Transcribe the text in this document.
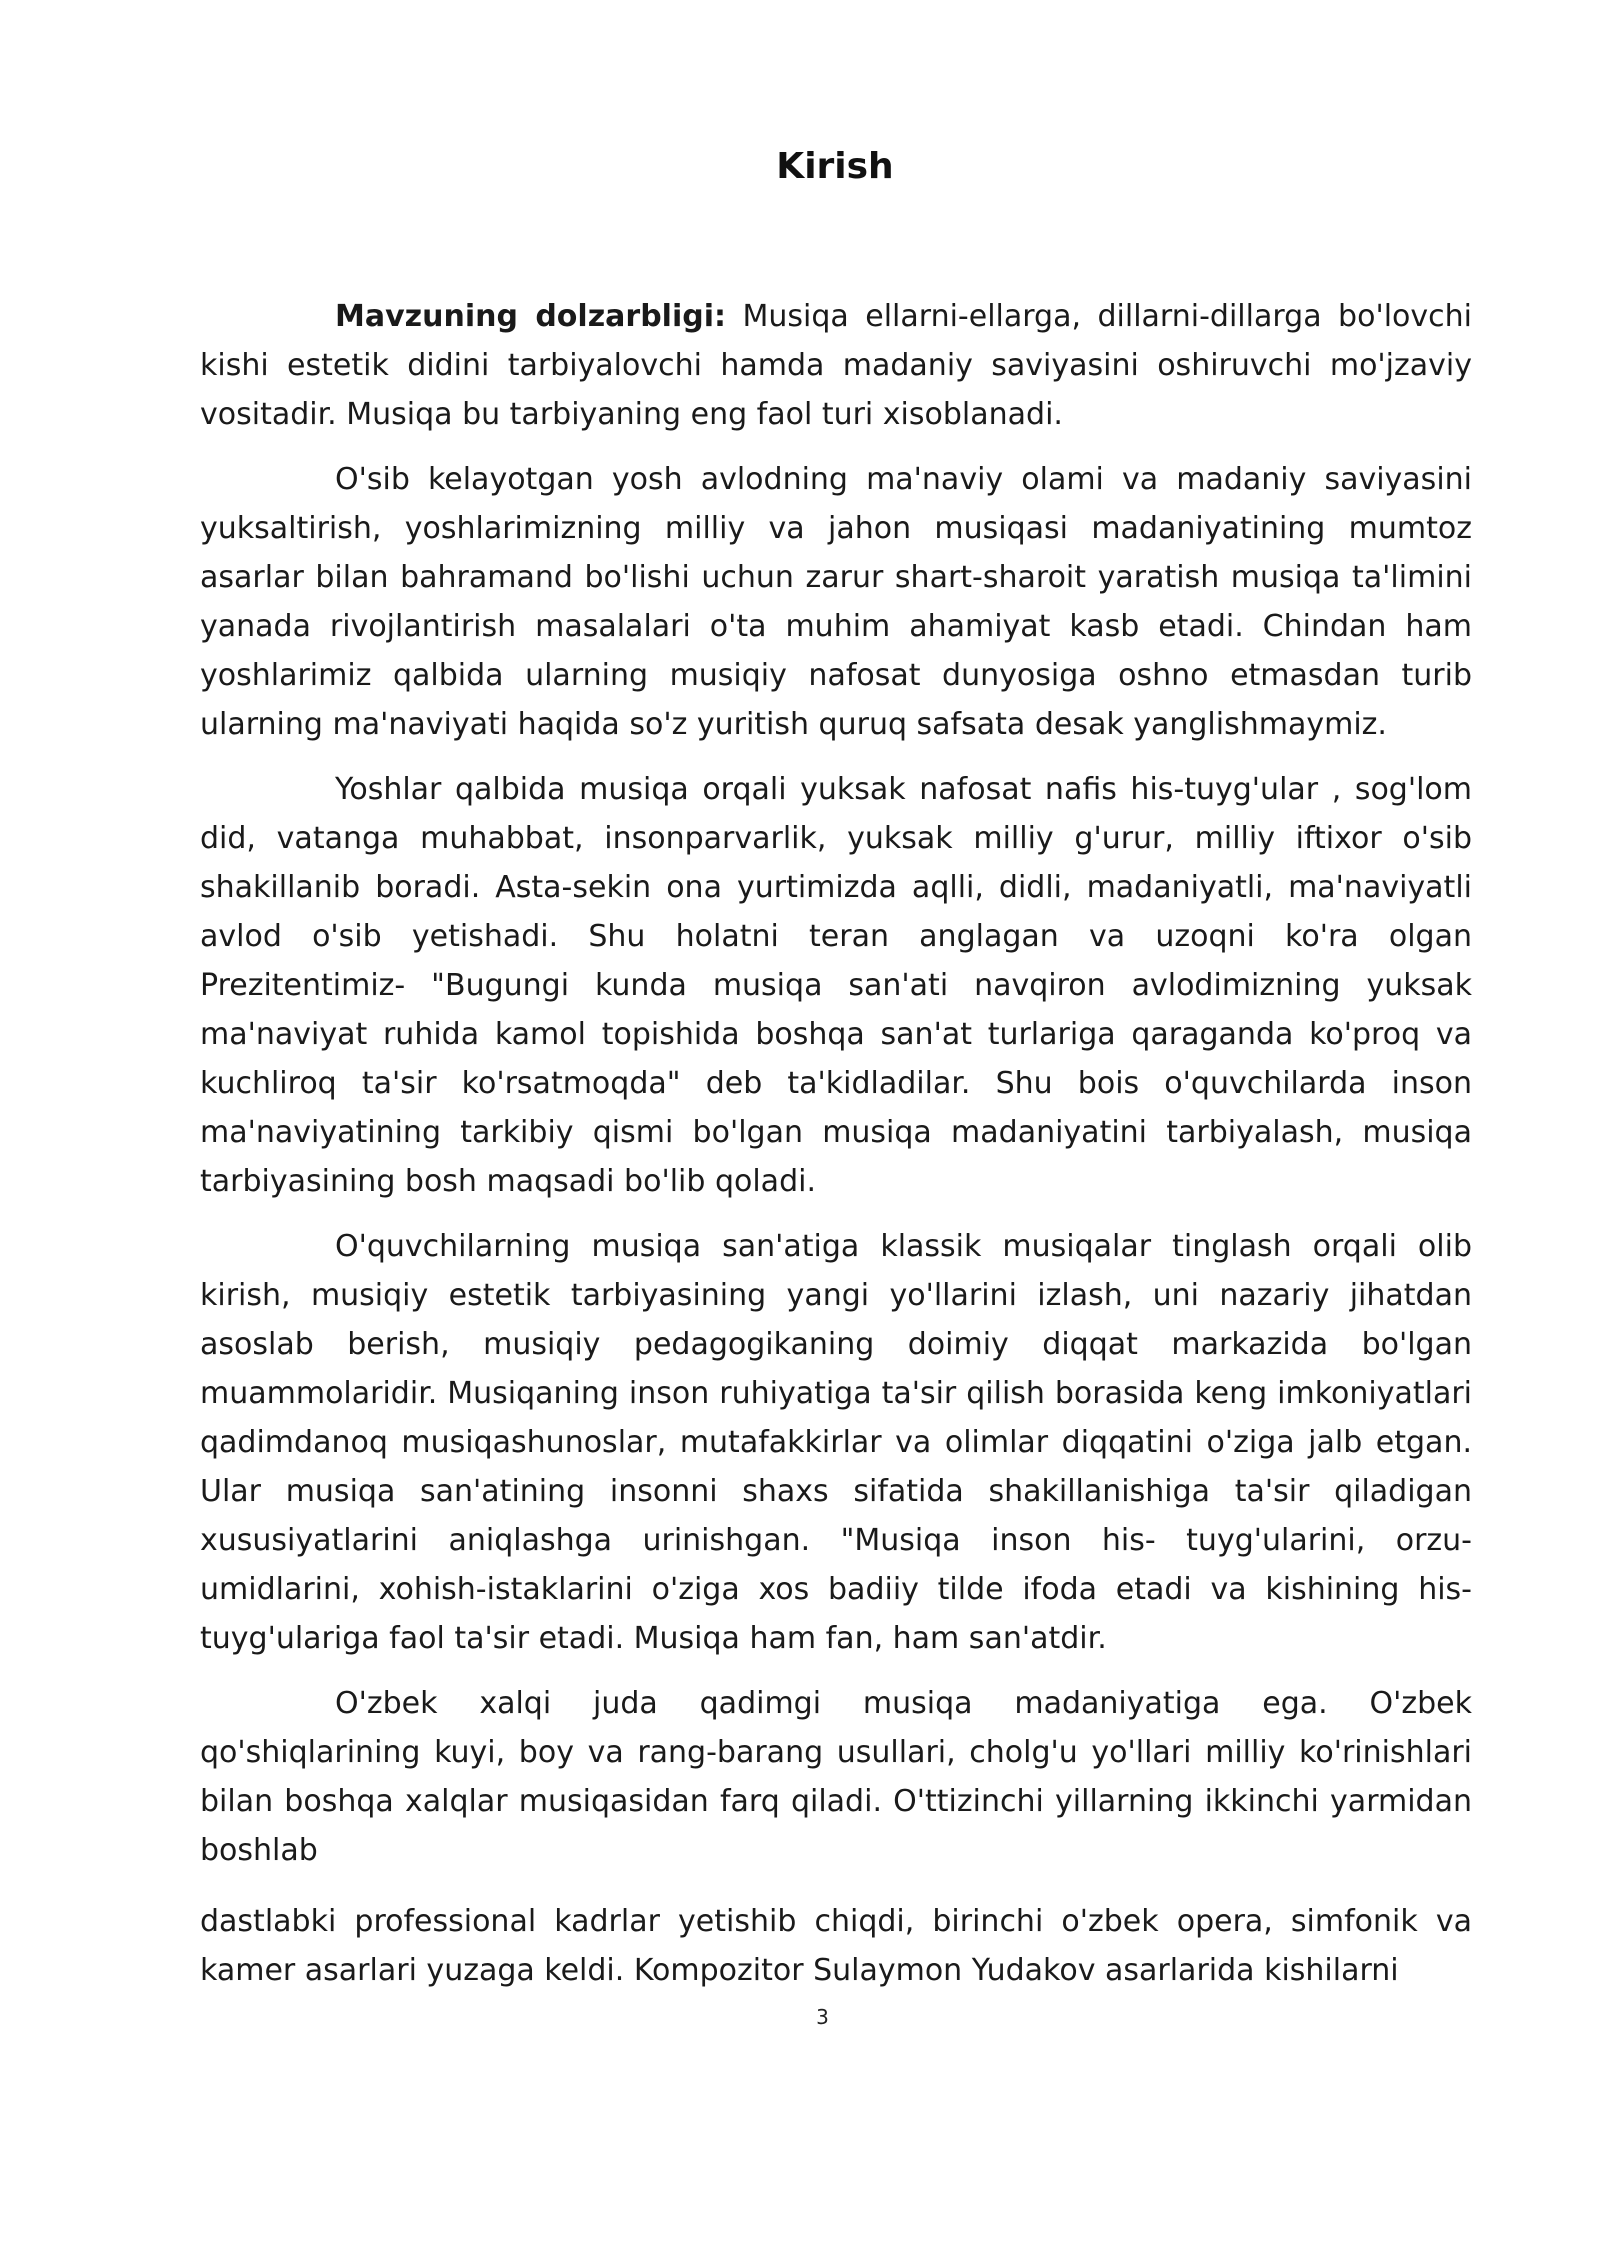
Kirish

Mavzuning dolzarbligi: Musiqa ellarni-ellarga, dillarni-dillarga bo'lovchi kishi estetik didini tarbiyalovchi hamda madaniy saviyasini oshiruvchi mo'jzaviy vositadir. Musiqa bu tarbiyaning eng faol turi xisoblanadi.

O'sib kelayotgan yosh avlodning ma'naviy olami va madaniy saviyasini yuksaltirish, yoshlarimizning milliy va jahon musiqasi madaniyatining mumtoz asarlar bilan bahramand bo'lishi uchun zarur shart-sharoit yaratish musiqa ta'limini yanada rivojlantirish masalalari o'ta muhim ahamiyat kasb etadi. Chindan ham yoshlarimiz qalbida ularning musiqiy nafosat dunyosiga oshno etmasdan turib ularning ma'naviyati haqida so'z yuritish quruq safsata desak yanglishmaymiz.

Yoshlar qalbida musiqa orqali yuksak nafosat nafis his-tuyg'ular , sog'lom did, vatanga muhabbat, insonparvarlik, yuksak milliy g'urur, milliy iftixor o'sib shakillanib boradi. Asta-sekin ona yurtimizda aqlli, didli, madaniyatli, ma'naviyatli avlod o'sib yetishadi. Shu holatni teran anglagan va uzoqni ko'ra olgan Prezitentimiz- "Bugungi kunda musiqa san'ati navqiron avlodimizning yuksak ma'naviyat ruhida kamol topishida boshqa san'at turlariga qaraganda ko'proq va kuchliroq ta'sir ko'rsatmoqda" deb ta'kidladilar. Shu bois o'quvchilarda inson ma'naviyatining tarkibiy qismi bo'lgan musiqa madaniyatini tarbiyalash, musiqa tarbiyasining bosh maqsadi bo'lib qoladi.

O'quvchilarning musiqa san'atiga klassik musiqalar tinglash orqali olib kirish, musiqiy estetik tarbiyasining yangi yo'llarini izlash, uni nazariy jihatdan asoslab berish, musiqiy pedagogikaning doimiy diqqat markazida bo'lgan muammolaridir. Musiqaning inson ruhiyatiga ta'sir qilish borasida keng imkoniyatlari qadimdanoq musiqashunoslar, mutafakkirlar va olimlar diqqatini o'ziga jalb etgan. Ular musiqa san'atining insonni shaxs sifatida shakillanishiga ta'sir qiladigan xususiyatlarini aniqlashga urinishgan. "Musiqa inson his- tuyg'ularini, orzu-umidlarini, xohish-istaklarini o'ziga xos badiiy tilde ifoda etadi va kishining his-tuyg'ulariga faol ta'sir etadi. Musiqa ham fan, ham san'atdir.

O'zbek xalqi juda qadimgi musiqa madaniyatiga ega. O'zbek qo'shiqlarining kuyi, boy va rang-barang usullari, cholg'u yo'llari milliy ko'rinishlari bilan boshqa xalqlar musiqasidan farq qiladi. O'ttizinchi yillarning ikkinchi yarmidan boshlab

dastlabki professional kadrlar yetishib chiqdi, birinchi o'zbek opera, simfonik va kamer asarlari yuzaga keldi. Kompozitor Sulaymon Yudakov asarlarida kishilarni

3
